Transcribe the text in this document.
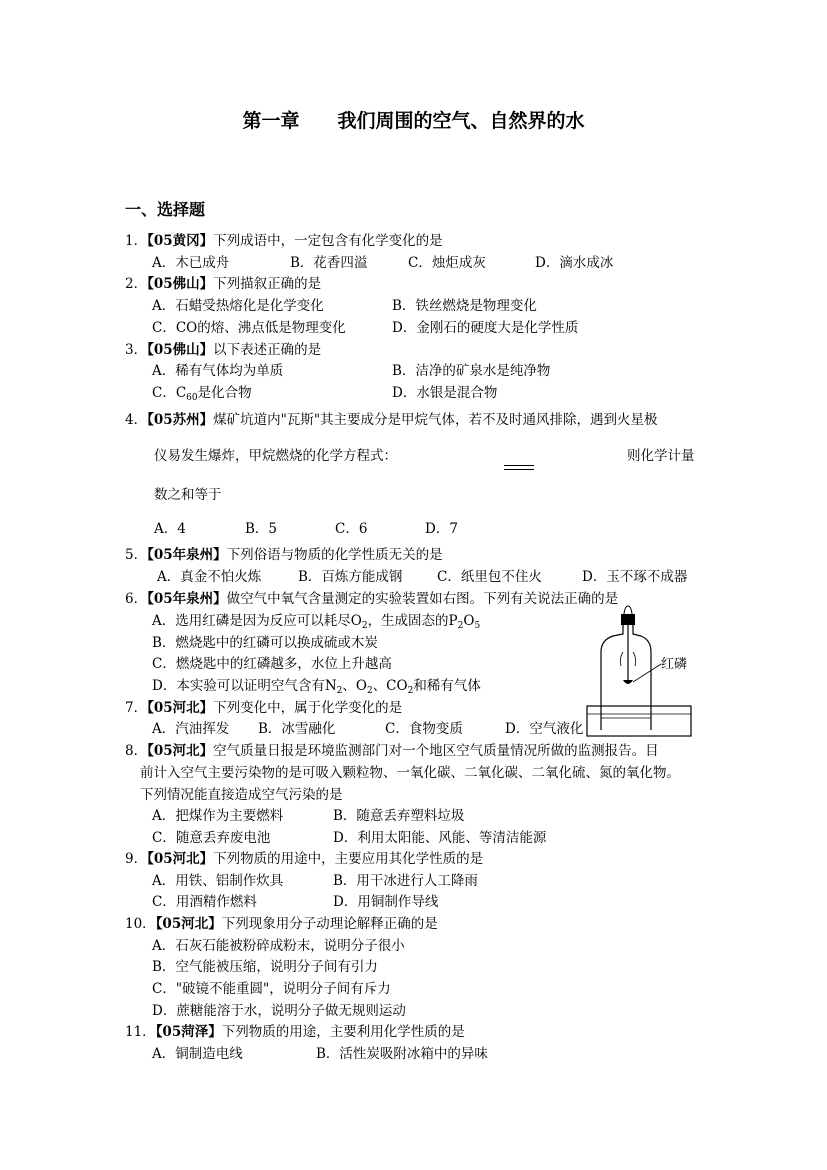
第一章 我们周围的空气、自然界的水
一、选择题
1．【05黄冈】下列成语中，一定包含有化学变化的是
A．木已成舟	B．花香四溢	C．烛炬成灰	D．滴水成冰
2．【05佛山】下列描叙正确的是
A．石蜡受热熔化是化学变化	B．铁丝燃烧是物理变化
C．CO的熔、沸点低是物理变化	D．金刚石的硬度大是化学性质
3．【05佛山】以下表述正确的是
A．稀有气体均为单质	B．洁净的矿泉水是纯净物
C．$C_{60}$是化合物	D．水银是混合物
4．【05苏州】煤矿坑道内"瓦斯"其主要成分是甲烷气体，若不及时通风排除，遇到火星极
仪易发生爆炸，甲烷燃烧的化学方程式：	则化学计量
数之和等于
A．4	B．5	C．6	D．7
5．【05年泉州】下列俗语与物质的化学性质无关的是
A．真金不怕火炼	B．百炼方能成钢	C．纸里包不住火	D．玉不琢不成器
6．【05年泉州】做空气中氧气含量测定的实验装置如右图。下列有关说法正确的是
A．选用红磷是因为反应可以耗尽$O_2$，生成固态的$P_2O_5$
B．燃烧匙中的红磷可以换成硫或木炭
C．燃烧匙中的红磷越多，水位上升越高
D．本实验可以证明空气含有$N_2$、$O_2$、$CO_2$和稀有气体
红磷
7．【05河北】下列变化中，属于化学变化的是
A．汽油挥发 B．冰雪融化	C．食物变质	D．空气液化
8．【05河北】空气质量日报是环境监测部门对一个地区空气质量情况所做的监测报告。目
前计入空气主要污染物的是可吸入颗粒物、一氧化碳、二氧化碳、二氧化硫、氮的氧化物。
下列情况能直接造成空气污染的是
A．把煤作为主要燃料	B．随意丢弃塑料垃圾
C．随意丢弃废电池	D．利用太阳能、风能、等清洁能源
9．【05河北】下列物质的用途中，主要应用其化学性质的是
A．用铁、铝制作炊具	B．用干冰进行人工降雨
C．用酒精作燃料	D．用铜制作导线
10．【05河北】下列现象用分子动理论解释正确的是
A．石灰石能被粉碎成粉末，说明分子很小
B．空气能被压缩，说明分子间有引力
C．"破镜不能重圆"，说明分子间有斥力
D．蔗糖能溶于水，说明分子做无规则运动
11．【05菏泽】下列物质的用途，主要利用化学性质的是
A．铜制造电线	B．活性炭吸附冰箱中的异味
